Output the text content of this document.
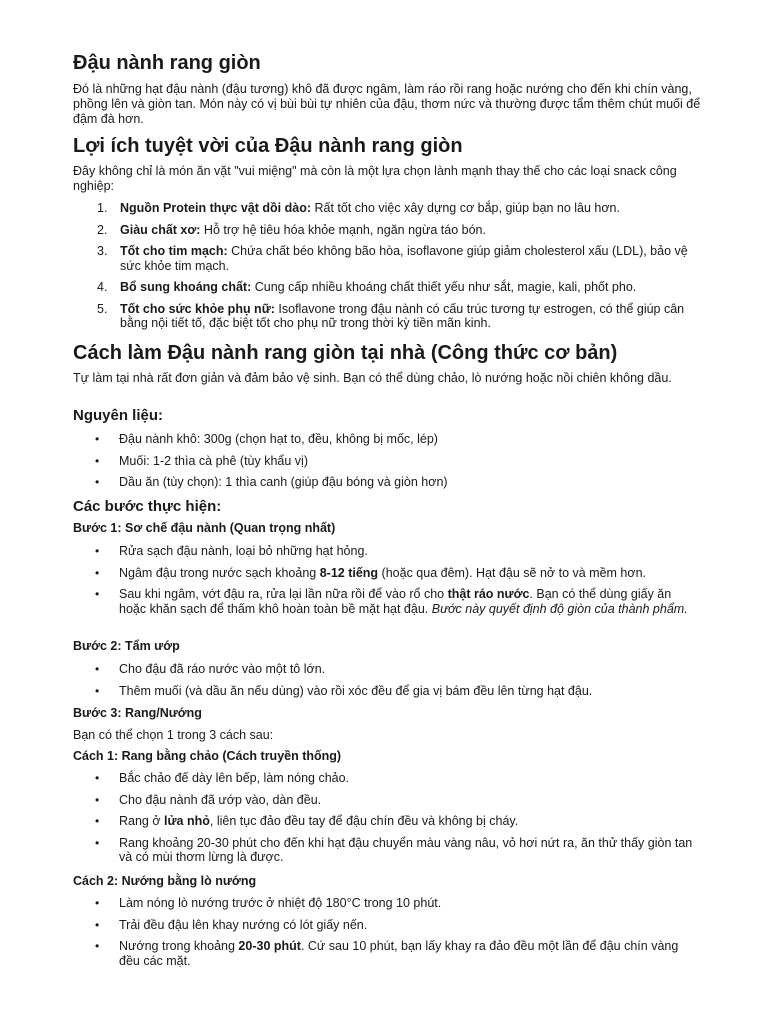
Đậu nành rang giòn

Đó là những hạt đậu nành (đậu tương) khô đã được ngâm, làm ráo rồi rang hoặc nướng cho đến khi chín vàng, phồng lên và giòn tan. Món này có vị bùi bùi tự nhiên của đậu, thơm nức và thường được tẩm thêm chút muối để đậm đà hơn.

Lợi ích tuyệt vời của Đậu nành rang giòn

Đây không chỉ là món ăn vặt "vui miệng" mà còn là một lựa chọn lành mạnh thay thế cho các loại snack công nghiệp:

1. Nguồn Protein thực vật dồi dào: Rất tốt cho việc xây dựng cơ bắp, giúp bạn no lâu hơn.
2. Giàu chất xơ: Hỗ trợ hệ tiêu hóa khỏe mạnh, ngăn ngừa táo bón.
3. Tốt cho tim mạch: Chứa chất béo không bão hòa, isoflavone giúp giảm cholesterol xấu (LDL), bảo vệ sức khỏe tim mạch.
4. Bổ sung khoáng chất: Cung cấp nhiều khoáng chất thiết yếu như sắt, magie, kali, phốt pho.
5. Tốt cho sức khỏe phụ nữ: Isoflavone trong đậu nành có cấu trúc tương tự estrogen, có thể giúp cân bằng nội tiết tố, đặc biệt tốt cho phụ nữ trong thời kỳ tiền mãn kinh.
Cách làm Đậu nành rang giòn tại nhà (Công thức cơ bản)

Tự làm tại nhà rất đơn giản và đảm bảo vệ sinh. Bạn có thể dùng chảo, lò nướng hoặc nồi chiên không dầu.

Nguyên liệu:
• Đậu nành khô: 300g (chọn hạt to, đều, không bị mốc, lép)
• Muối: 1-2 thìa cà phê (tùy khẩu vị)
• Dầu ăn (tùy chọn): 1 thìa canh (giúp đậu bóng và giòn hơn)
Các bước thực hiện:
Bước 1: Sơ chế đậu nành (Quan trọng nhất)
• Rửa sạch đậu nành, loại bỏ những hạt hỏng.
• Ngâm đậu trong nước sạch khoảng 8-12 tiếng (hoặc qua đêm). Hạt đậu sẽ nở to và mềm hơn.
• Sau khi ngâm, vớt đậu ra, rửa lại lần nữa rồi để vào rổ cho thật ráo nước. Bạn có thể dùng giấy ăn hoặc khăn sạch để thấm khô hoàn toàn bề mặt hạt đậu. Bước này quyết định độ giòn của thành phẩm.
Bước 2: Tẩm ướp
• Cho đậu đã ráo nước vào một tô lớn.
• Thêm muối (và dầu ăn nếu dùng) vào rồi xóc đều để gia vị bám đều lên từng hạt đậu.
Bước 3: Rang/Nướng

Bạn có thể chọn 1 trong 3 cách sau:

Cách 1: Rang bằng chảo (Cách truyền thống)
• Bắc chảo đế dày lên bếp, làm nóng chảo.
• Cho đậu nành đã ướp vào, dàn đều.
• Rang ở lửa nhỏ, liên tục đảo đều tay để đậu chín đều và không bị cháy.
• Rang khoảng 20-30 phút cho đến khi hạt đậu chuyển màu vàng nâu, vỏ hơi nứt ra, ăn thử thấy giòn tan và có mùi thơm lừng là được.
Cách 2: Nướng bằng lò nướng
• Làm nóng lò nướng trước ở nhiệt độ 180°C trong 10 phút.
• Trải đều đậu lên khay nướng có lót giấy nến.
• Nướng trong khoảng 20-30 phút. Cứ sau 10 phút, bạn lấy khay ra đảo đều một lần để đậu chín vàng đều các mặt.
